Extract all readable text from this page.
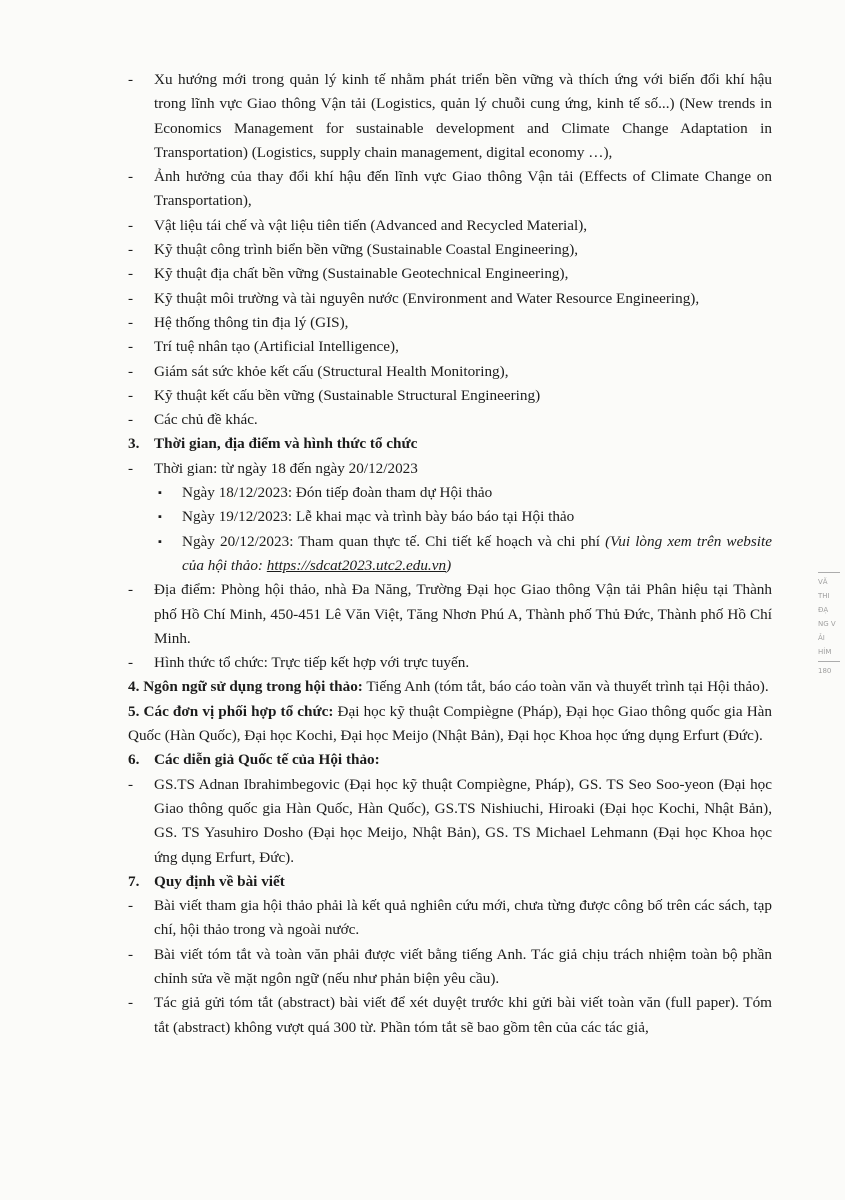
- Xu hướng mới trong quản lý kinh tế nhằm phát triển bền vững và thích ứng với biến đổi khí hậu trong lĩnh vực Giao thông Vận tải (Logistics, quản lý chuỗi cung ứng, kinh tế số...) (New trends in Economics Management for sustainable development and Climate Change Adaptation in Transportation) (Logistics, supply chain management, digital economy …),

- Ảnh hưởng của thay đổi khí hậu đến lĩnh vực Giao thông Vận tải (Effects of Climate Change on Transportation),

- Vật liệu tái chế và vật liệu tiên tiến (Advanced and Recycled Material),

- Kỹ thuật công trình biển bền vững (Sustainable Coastal Engineering),

- Kỹ thuật địa chất bền vững (Sustainable Geotechnical Engineering),

- Kỹ thuật môi trường và tài nguyên nước (Environment and Water Resource Engineering),

- Hệ thống thông tin địa lý (GIS),

- Trí tuệ nhân tạo (Artificial Intelligence),

- Giám sát sức khỏe kết cấu (Structural Health Monitoring),

- Kỹ thuật kết cấu bền vững (Sustainable Structural Engineering)

- Các chủ đề khác.

3. Thời gian, địa điểm và hình thức tổ chức

- Thời gian: từ ngày 18 đến ngày 20/12/2023

▪ Ngày 18/12/2023: Đón tiếp đoàn tham dự Hội thảo
▪ Ngày 19/12/2023: Lễ khai mạc và trình bày báo báo tại Hội thảo
▪ Ngày 20/12/2023: Tham quan thực tế. Chi tiết kế hoạch và chi phí (Vui lòng xem trên website của hội thảo: https://sdcat2023.utc2.edu.vn)

- Địa điểm: Phòng hội thảo, nhà Đa Năng, Trường Đại học Giao thông Vận tải Phân hiệu tại Thành phố Hồ Chí Minh, 450-451 Lê Văn Việt, Tăng Nhơn Phú A, Thành phố Thủ Đức, Thành phố Hồ Chí Minh.

- Hình thức tổ chức: Trực tiếp kết hợp với trực tuyến.

4. Ngôn ngữ sử dụng trong hội thảo: Tiếng Anh (tóm tắt, báo cáo toàn văn và thuyết trình tại Hội thảo).

5. Các đơn vị phối hợp tổ chức: Đại học kỹ thuật Compiègne (Pháp), Đại học Giao thông quốc gia Hàn Quốc (Hàn Quốc), Đại học Kochi, Đại học Meijo (Nhật Bản), Đại học Khoa học ứng dụng Erfurt (Đức).

6. Các diễn giả Quốc tế của Hội thảo:

- GS.TS Adnan Ibrahimbegovic (Đại học kỹ thuật Compiègne, Pháp), GS. TS Seo Soo-yeon (Đại học Giao thông quốc gia Hàn Quốc, Hàn Quốc), GS.TS Nishiuchi, Hiroaki (Đại học Kochi, Nhật Bản), GS. TS Yasuhiro Dosho (Đại học Meijo, Nhật Bản), GS. TS Michael Lehmann (Đại học Khoa học ứng dụng Erfurt, Đức).

7. Quy định về bài viết

- Bài viết tham gia hội thảo phải là kết quả nghiên cứu mới, chưa từng được công bố trên các sách, tạp chí, hội thảo trong và ngoài nước.

- Bài viết tóm tắt và toàn văn phải được viết bằng tiếng Anh. Tác giả chịu trách nhiệm toàn bộ phần chỉnh sửa về mặt ngôn ngữ (nếu như phản biện yêu cầu).

- Tác giả gửi tóm tắt (abstract) bài viết để xét duyệt trước khi gửi bài viết toàn văn (full paper). Tóm tắt (abstract) không vượt quá 300 từ. Phần tóm tắt sẽ bao gồm tên của các tác giả,

VĂ
THI
ĐẠ
NG V
ẢI
HÍM
180
